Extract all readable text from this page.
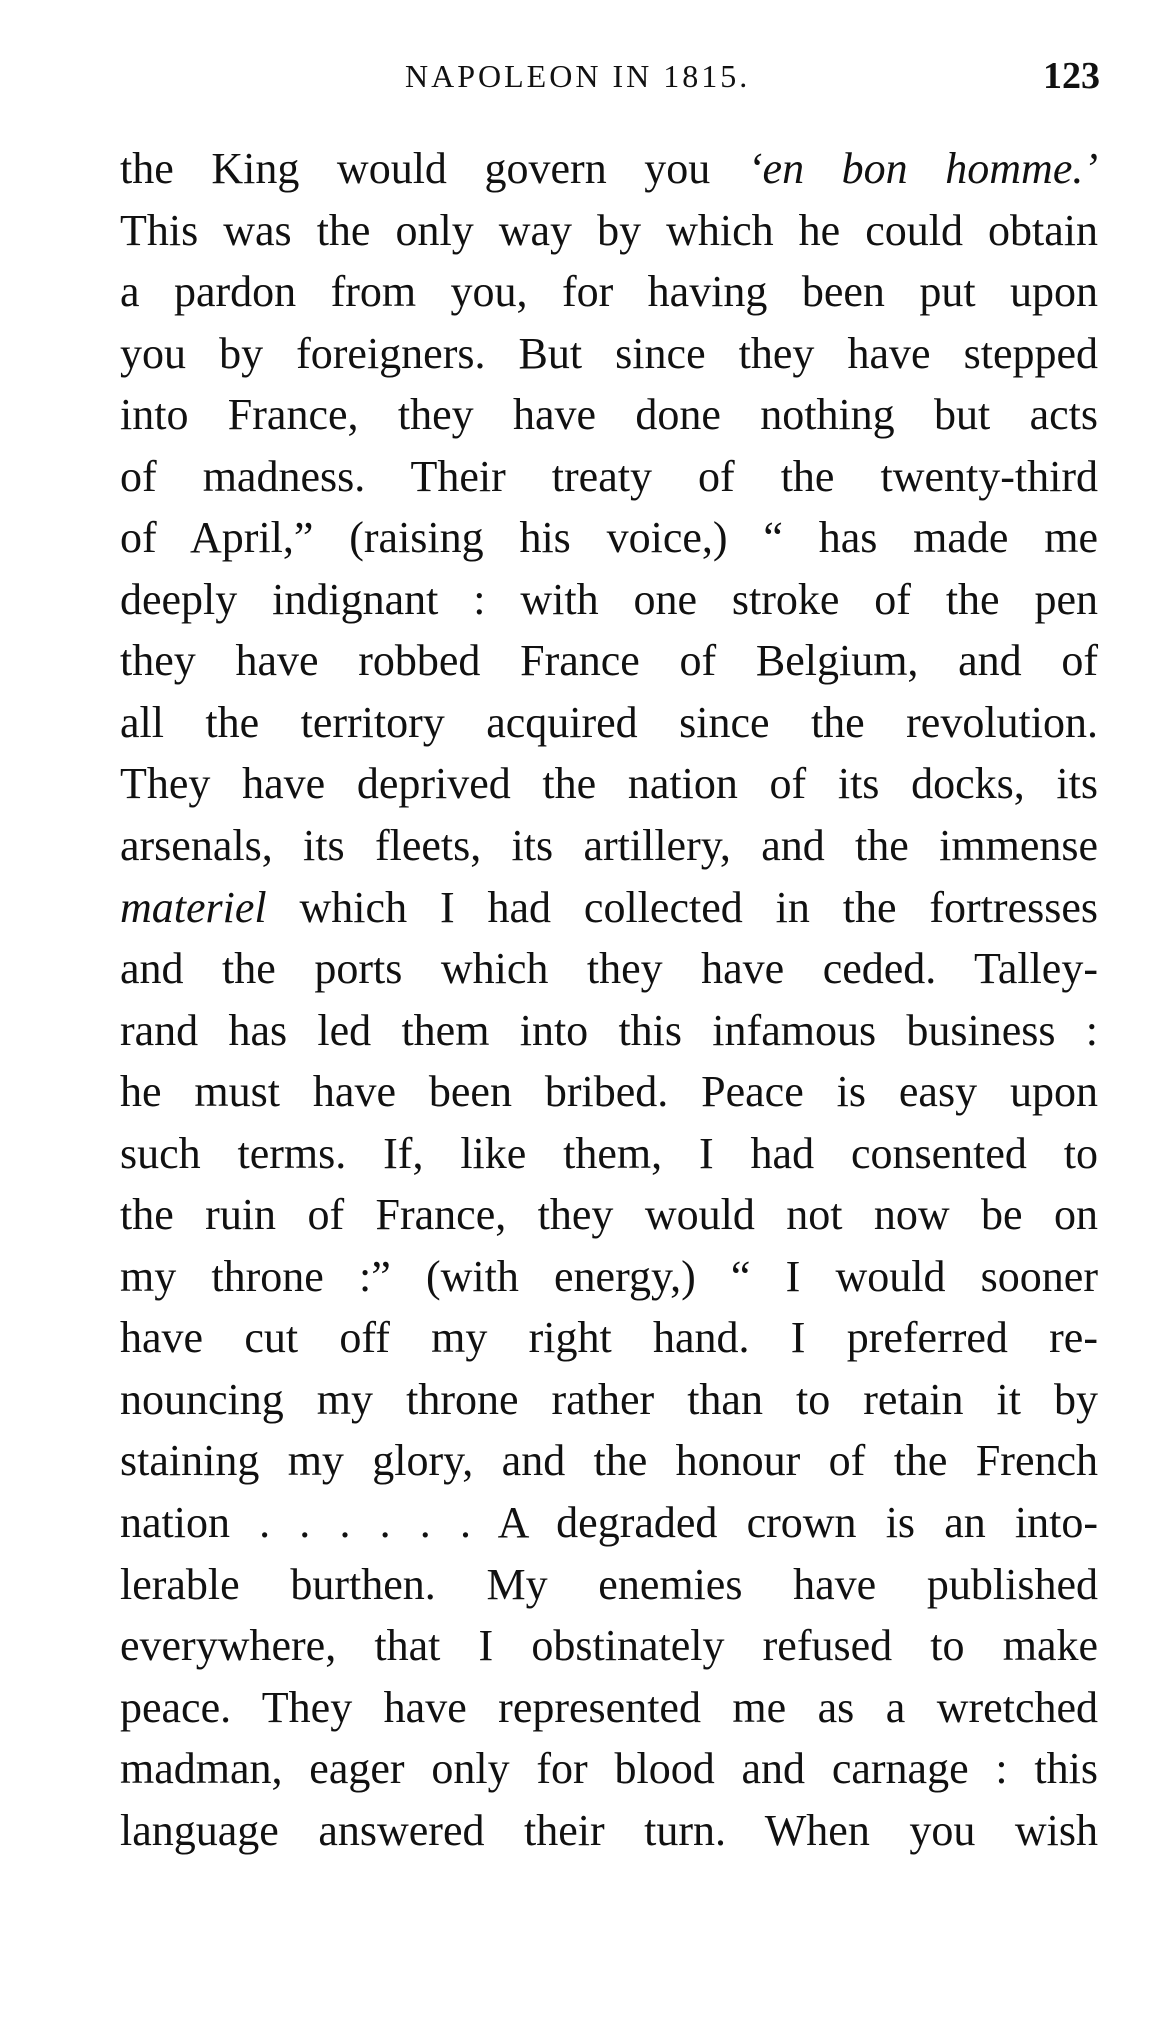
NAPOLEON IN 1815.	123
the King would govern you ‘en bon homme.’
This was the only way by which he could obtain
a pardon from you, for having been put upon
you by foreigners. But since they have stepped
into France, they have done nothing but acts
of madness. Their treaty of the twenty-third
of April,” (raising his voice,) “ has made me
deeply indignant : with one stroke of the pen
they have robbed France of Belgium, and of
all the territory acquired since the revolution.
They have deprived the nation of its docks, its
arsenals, its fleets, its artillery, and the immense
materiel which I had collected in the fortresses
and the ports which they have ceded. Talley-
rand has led them into this infamous business :
he must have been bribed. Peace is easy upon
such terms. If, like them, I had consented to
the ruin of France, they would not now be on
my throne :” (with energy,) “ I would sooner
have cut off my right hand. I preferred re-
nouncing my throne rather than to retain it by
staining my glory, and the honour of the French
nation . . . . . . A degraded crown is an into-
lerable burthen. My enemies have published
everywhere, that I obstinately refused to make
peace. They have represented me as a wretched
madman, eager only for blood and carnage : this
language answered their turn. When you wish
